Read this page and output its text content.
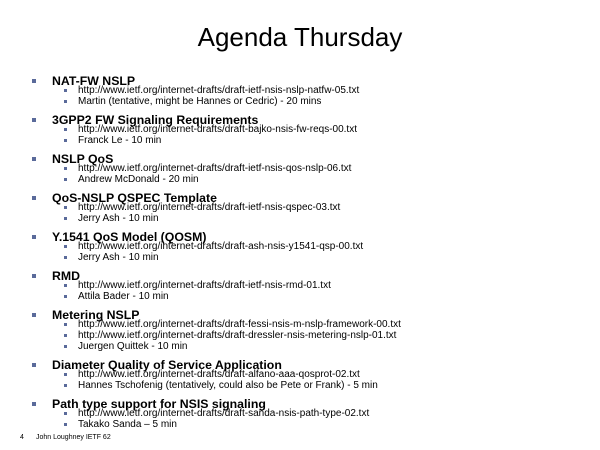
Agenda Thursday
NAT-FW NSLP
http://www.ietf.org/internet-drafts/draft-ietf-nsis-nslp-natfw-05.txt
Martin (tentative, might be Hannes or Cedric) - 20 mins
3GPP2 FW Signaling Requirements
http://www.ietf.org/internet-drafts/draft-bajko-nsis-fw-reqs-00.txt
Franck Le - 10 min
NSLP QoS
http://www.ietf.org/internet-drafts/draft-ietf-nsis-qos-nslp-06.txt
Andrew McDonald - 20 min
QoS-NSLP QSPEC Template
http://www.ietf.org/internet-drafts/draft-ietf-nsis-qspec-03.txt
Jerry Ash - 10 min
Y.1541 QoS Model (QOSM)
http://www.ietf.org/internet-drafts/draft-ash-nsis-y1541-qsp-00.txt
Jerry Ash - 10 min
RMD
http://www.ietf.org/internet-drafts/draft-ietf-nsis-rmd-01.txt
Attila Bader - 10 min
Metering NSLP
http://www.ietf.org/internet-drafts/draft-fessi-nsis-m-nslp-framework-00.txt
http://www.ietf.org/internet-drafts/draft-dressler-nsis-metering-nslp-01.txt
Juergen Quittek - 10 min
Diameter Quality of Service Application
http://www.ietf.org/internet-drafts/draft-alfano-aaa-qosprot-02.txt
Hannes Tschofenig (tentatively, could also be Pete or Frank) - 5 min
Path type support for NSIS signaling
http://www.ietf.org/internet-drafts/draft-sanda-nsis-path-type-02.txt
Takako Sanda – 5 min
4 John Loughney IETF 62
